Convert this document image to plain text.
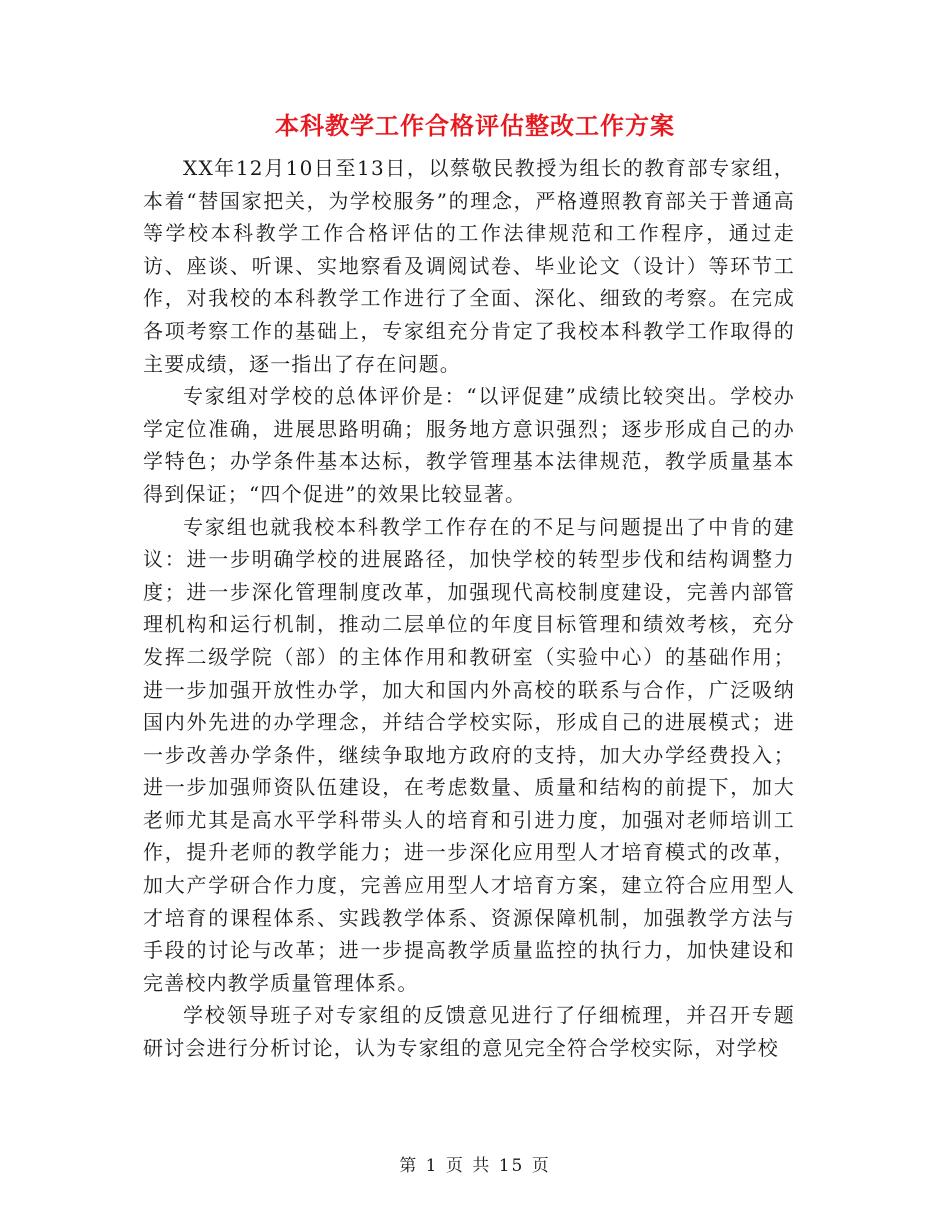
本科教学工作合格评估整改工作方案

XX年12月10日至13日，以蔡敬民教授为组长的教育部专家组，本着“替国家把关，为学校服务”的理念，严格遵照教育部关于普通高等学校本科教学工作合格评估的工作法律规范和工作程序，通过走访、座谈、听课、实地察看及调阅试卷、毕业论文（设计）等环节工作，对我校的本科教学工作进行了全面、深化、细致的考察。在完成各项考察工作的基础上，专家组充分肯定了我校本科教学工作取得的主要成绩，逐一指出了存在问题。

专家组对学校的总体评价是：“以评促建”成绩比较突出。学校办学定位准确，进展思路明确；服务地方意识强烈；逐步形成自己的办学特色；办学条件基本达标，教学管理基本法律规范，教学质量基本得到保证；“四个促进”的效果比较显著。

专家组也就我校本科教学工作存在的不足与问题提出了中肯的建议：进一步明确学校的进展路径，加快学校的转型步伐和结构调整力度；进一步深化管理制度改革，加强现代高校制度建设，完善内部管理机构和运行机制，推动二层单位的年度目标管理和绩效考核，充分发挥二级学院（部）的主体作用和教研室（实验中心）的基础作用；进一步加强开放性办学，加大和国内外高校的联系与合作，广泛吸纳国内外先进的办学理念，并结合学校实际，形成自己的进展模式；进一步改善办学条件，继续争取地方政府的支持，加大办学经费投入；进一步加强师资队伍建设，在考虑数量、质量和结构的前提下，加大老师尤其是高水平学科带头人的培育和引进力度，加强对老师培训工作，提升老师的教学能力；进一步深化应用型人才培育模式的改革，加大产学研合作力度，完善应用型人才培育方案，建立符合应用型人才培育的课程体系、实践教学体系、资源保障机制，加强教学方法与手段的讨论与改革；进一步提高教学质量监控的执行力，加快建设和完善校内教学质量管理体系。

学校领导班子对专家组的反馈意见进行了仔细梳理，并召开专题研讨会进行分析讨论，认为专家组的意见完全符合学校实际，对学校

第 1 页 共 15 页
